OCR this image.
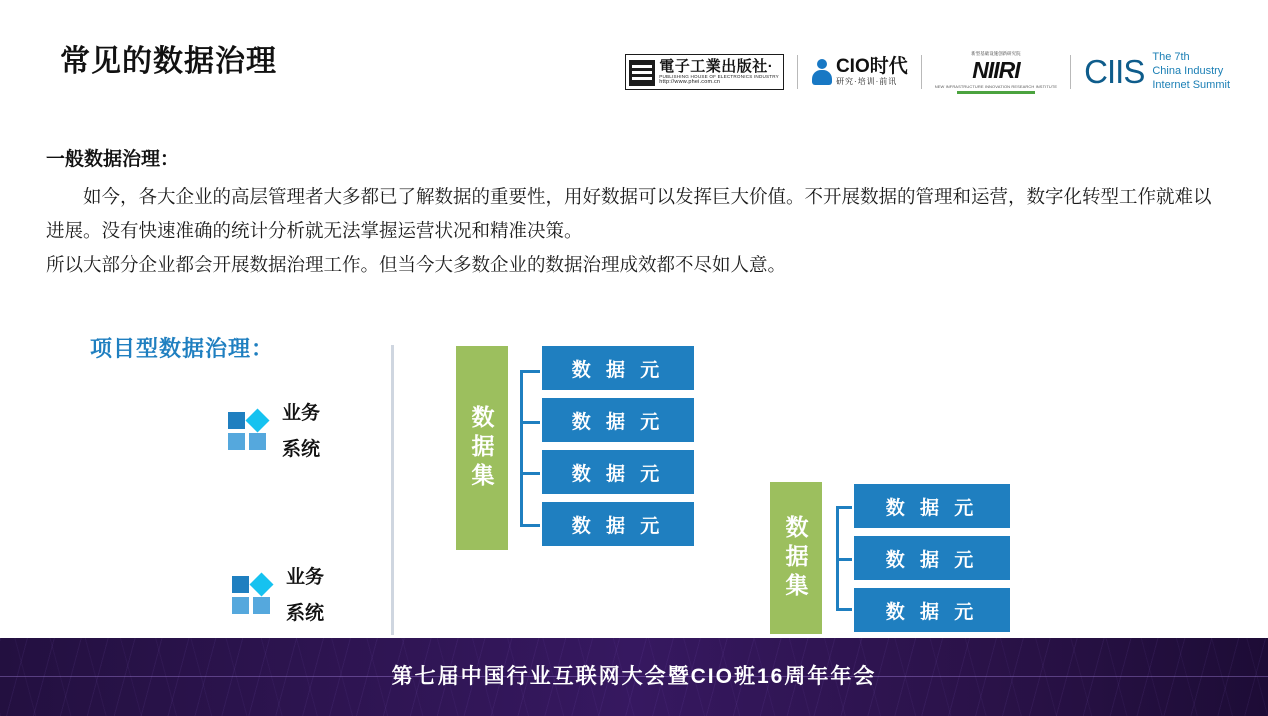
常见的数据治理	電子工業出版社·
PUBLISHING HOUSE OF ELECTRONICS INDUSTRY
http://www.phei.com.cn
CIO时代
研究·培训·前讯
新型基础设施创新研究院
NIIRI
NEW INFRASTRUCTURE INNOVATION RESEARCH INSTITUTE CIIS The 7th
China Industry
Internet Summit
一般数据治理：

如今，各大企业的高层管理者大多都已了解数据的重要性，用好数据可以发挥巨大价值。不开展数据的管理和运营，数字化转型工作就难以进展。没有快速准确的统计分析就无法掌握运营状况和精准决策。

所以大部分企业都会开展数据治理工作。但当今大多数企业的数据治理成效都不尽如人意。

项目型数据治理：
业务
系统
业务
系统
数据集
数 据 元
数 据 元
数 据 元
数 据 元	数据集
数 据 元
数 据 元
数 据 元
第七届中国行业互联网大会暨CIO班16周年年会
